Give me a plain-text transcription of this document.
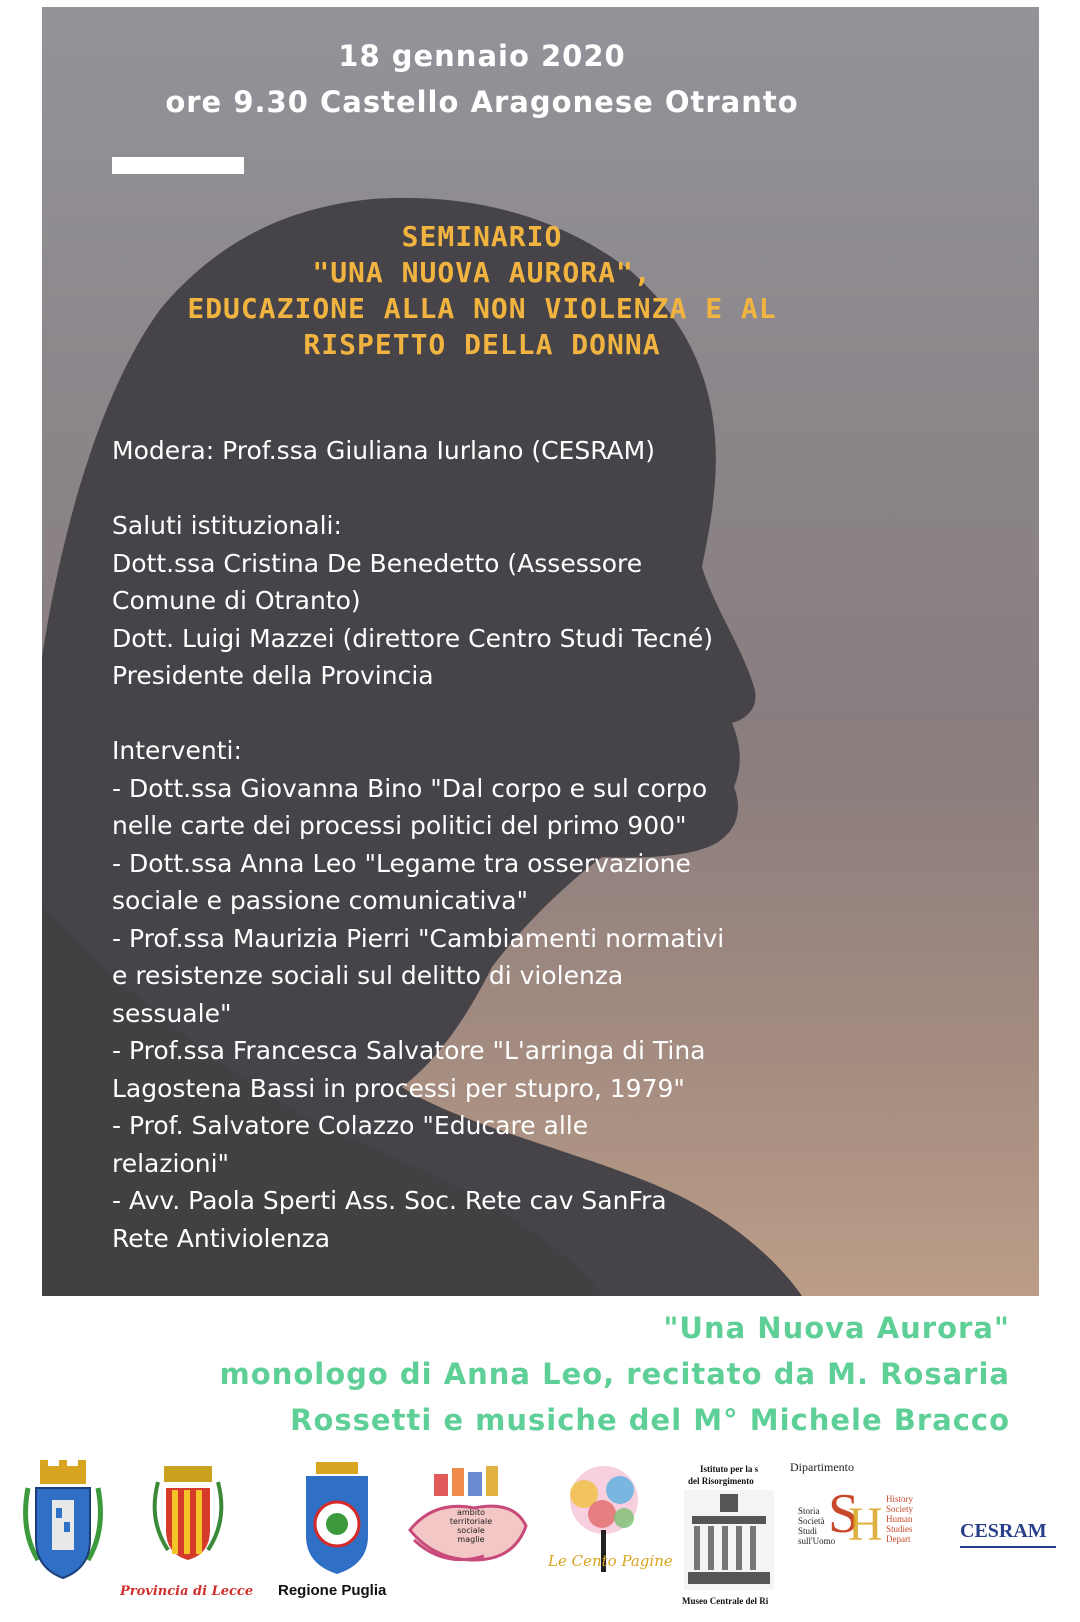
18 gennaio 2020
ore 9.30 Castello Aragonese Otranto
SEMINARIO
"UNA NUOVA AURORA",
EDUCAZIONE ALLA NON VIOLENZA E AL
RISPETTO DELLA DONNA
Modera: Prof.ssa Giuliana Iurlano (CESRAM)
Saluti istituzionali:
Dott.ssa Cristina De Benedetto (Assessore
Comune di Otranto)
Dott. Luigi Mazzei (direttore Centro Studi Tecné)
Presidente della Provincia
Interventi:
- Dott.ssa Giovanna Bino "Dal corpo e sul corpo
nelle carte dei processi politici del primo 900"
- Dott.ssa Anna Leo "Legame tra osservazione
sociale e passione comunicativa"
- Prof.ssa Maurizia Pierri "Cambiamenti normativi
e resistenze sociali sul delitto di violenza
sessuale"
- Prof.ssa Francesca Salvatore "L'arringa di Tina
Lagostena Bassi in processi per stupro, 1979"
- Prof. Salvatore Colazzo "Educare alle
relazioni"
- Avv. Paola Sperti Ass. Soc. Rete cav SanFra
Rete Antiviolenza
"Una Nuova Aurora"
monologo di Anna Leo, recitato da M. Rosaria
Rossetti e musiche del M° Michele Bracco
Provincia di Lecce Regione Puglia
ambito
territoriale
sociale
maglie
Le Cento Pagine
Istituto per la s
del Risorgimento
Museo Centrale del Ri
Dipartimento
Storia
Società
Studi
sull'Uomo
S
H History
Society
Human
Studies
Depart CESRAM
